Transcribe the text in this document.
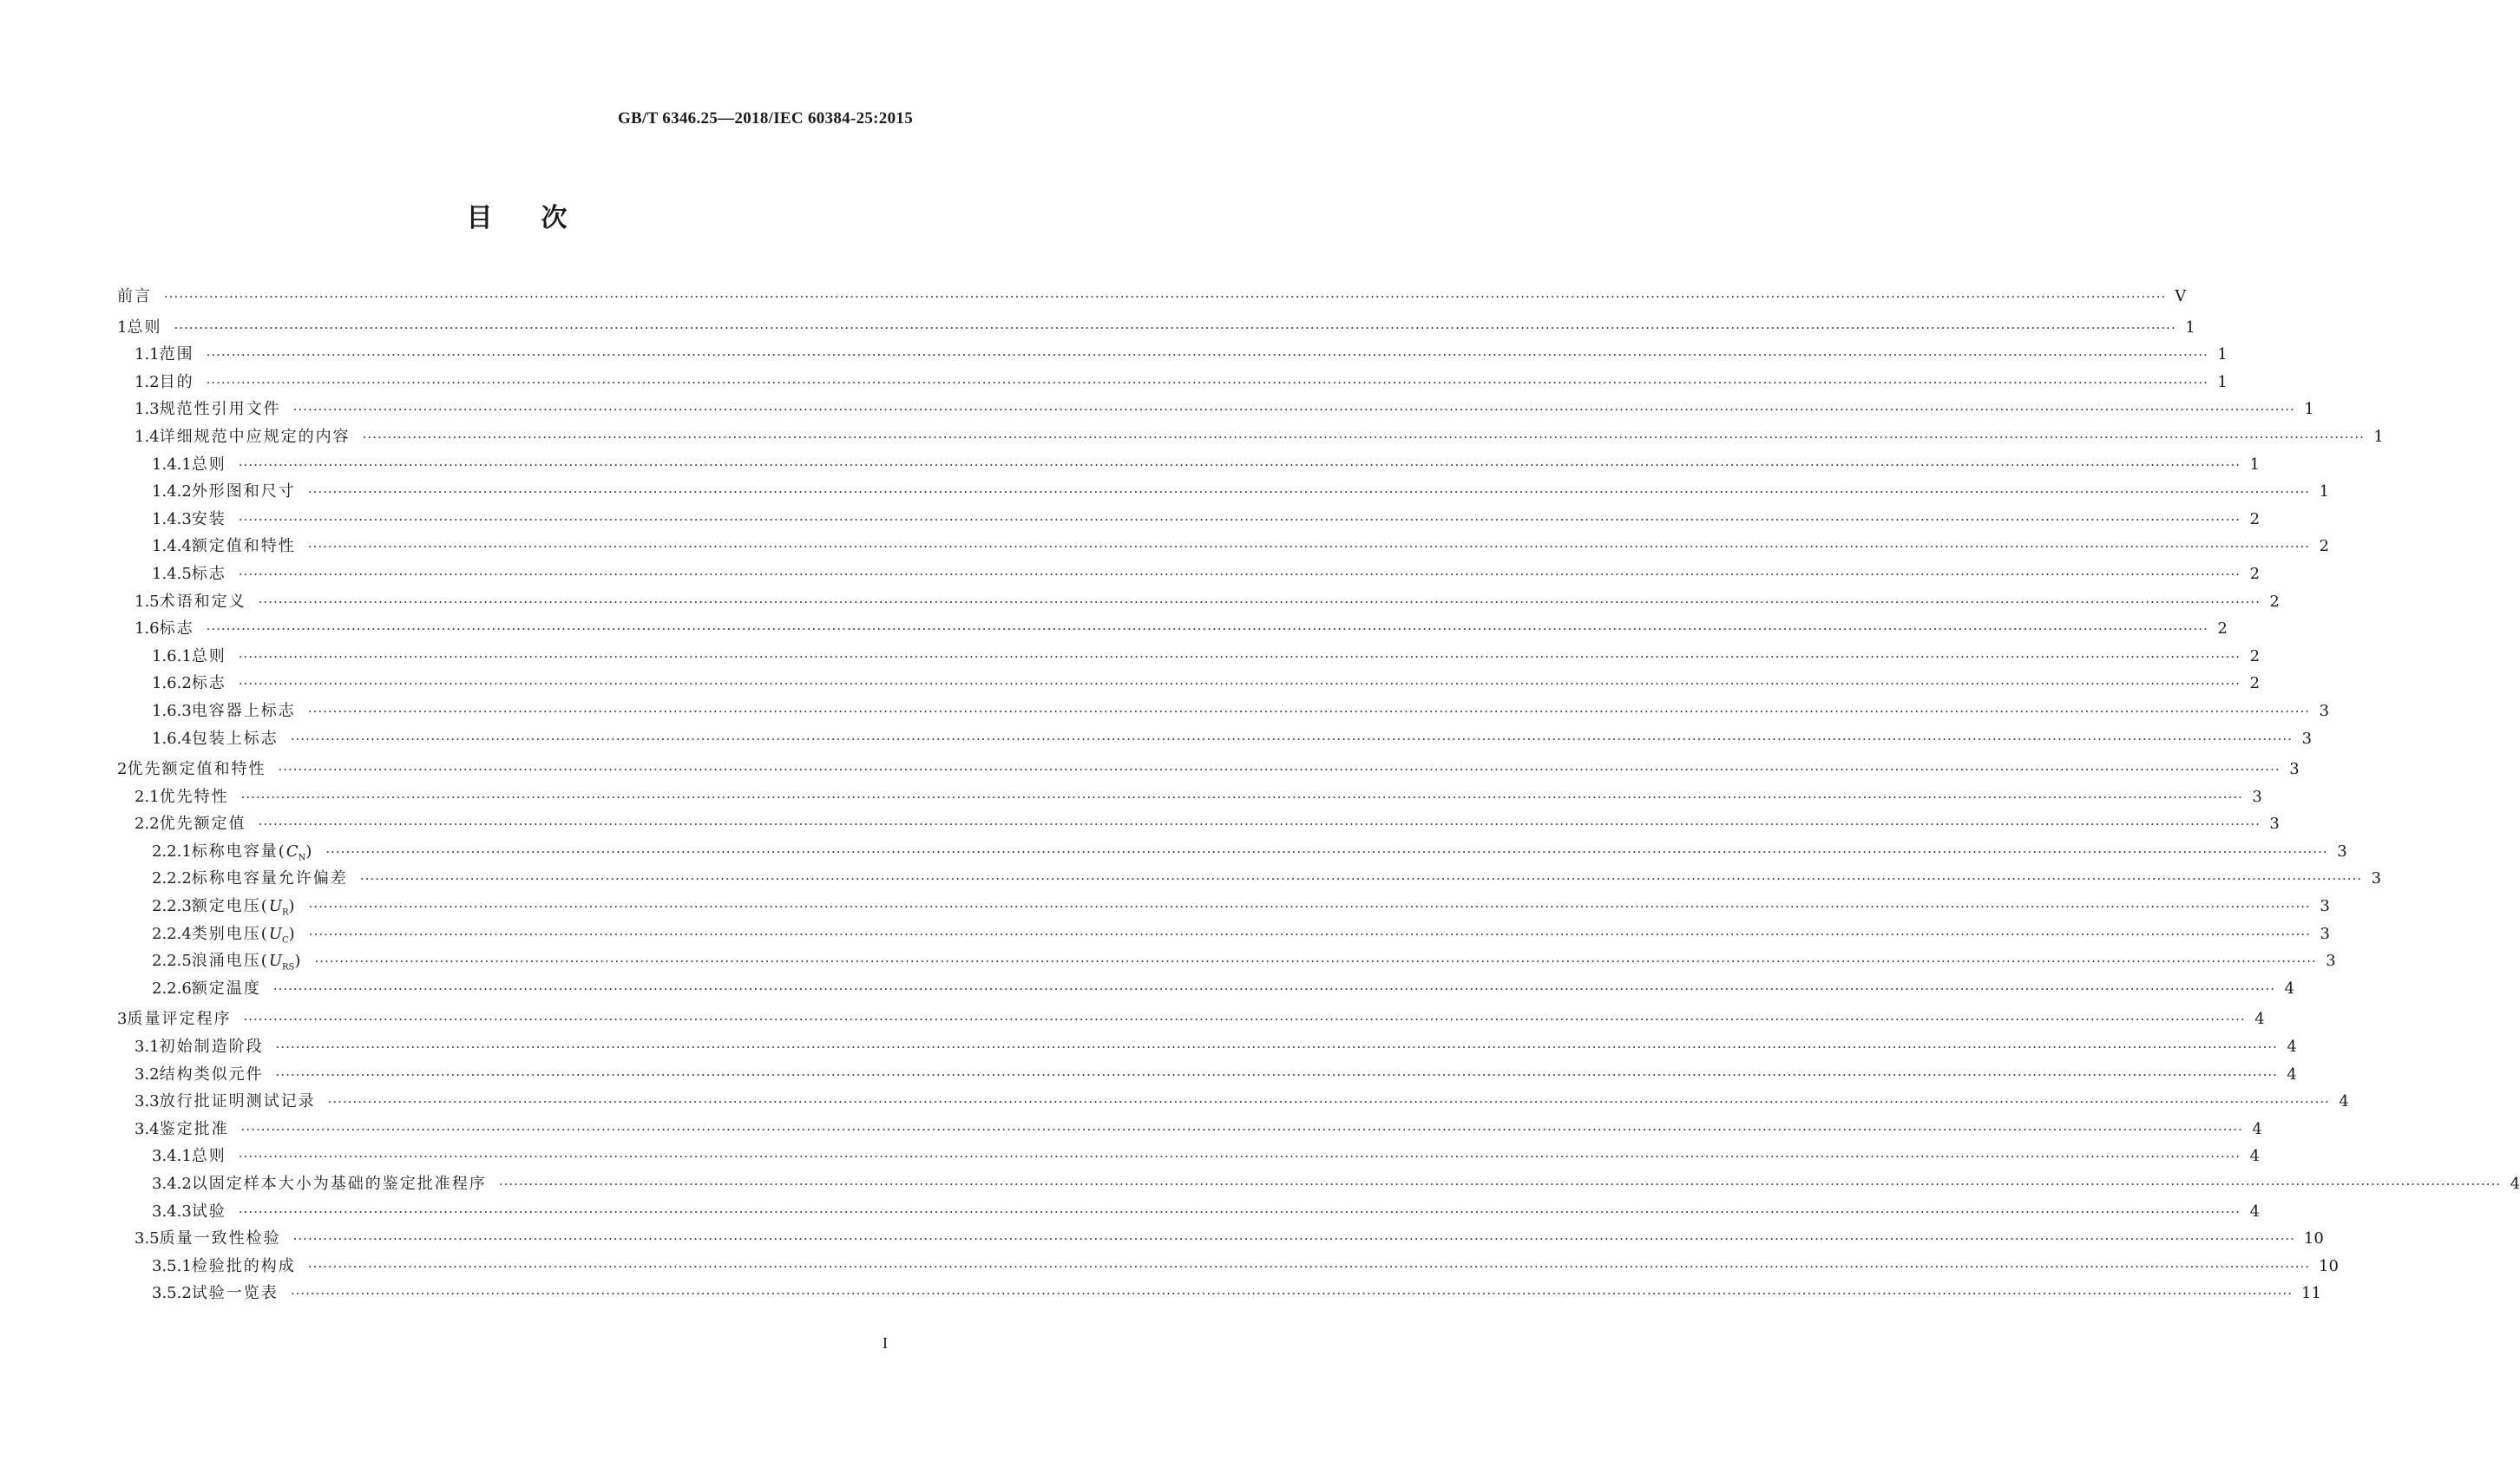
GB/T 6346.25—2018/IEC 60384-25:2015
目次
前言 ················································································································································································································································································································································································································ Ⅴ
1 总则 ················································································································································································································································································································································································································ 1
1.1 范围 ················································································································································································································································································································································································································ 1
1.2 目的 ················································································································································································································································································································································································································ 1
1.3 规范性引用文件 ················································································································································································································································································································································································································ 1
1.4 详细规范中应规定的内容 ················································································································································································································································································································································································································ 1
1.4.1 总则 ················································································································································································································································································································································································································ 1
1.4.2 外形图和尺寸 ················································································································································································································································································································································································································ 1
1.4.3 安装 ················································································································································································································································································································································································································ 2
1.4.4 额定值和特性 ················································································································································································································································································································································································································ 2
1.4.5 标志 ················································································································································································································································································································································································································ 2
1.5 术语和定义 ················································································································································································································································································································································································································ 2
1.6 标志 ················································································································································································································································································································································································································ 2
1.6.1 总则 ················································································································································································································································································································································································································ 2
1.6.2 标志 ················································································································································································································································································································································································································ 2
1.6.3 电容器上标志 ················································································································································································································································································································································································································ 3
1.6.4 包装上标志 ················································································································································································································································································································································································································ 3
2 优先额定值和特性 ················································································································································································································································································································································································································ 3
2.1 优先特性 ················································································································································································································································································································································································································ 3
2.2 优先额定值 ················································································································································································································································································································································································································ 3
2.2.1 标称电容量$(C_N)$ ················································································································································································································································································································································································································ 3
2.2.2 标称电容量允许偏差 ················································································································································································································································································································································································································ 3
2.2.3 额定电压$(U_R)$ ················································································································································································································································································································································································································ 3
2.2.4 类别电压$(U_C)$ ················································································································································································································································································································································································································ 3
2.2.5 浪涌电压$(U_{RS})$ ················································································································································································································································································································································································································ 3
2.2.6 额定温度 ················································································································································································································································································································································································································ 4
3 质量评定程序 ················································································································································································································································································································································································································ 4
3.1 初始制造阶段 ················································································································································································································································································································································································································ 4
3.2 结构类似元件 ················································································································································································································································································································································································································ 4
3.3 放行批证明测试记录 ················································································································································································································································································································································································································ 4
3.4 鉴定批准 ················································································································································································································································································································································································································ 4
3.4.1 总则 ················································································································································································································································································································································································································ 4
3.4.2 以固定样本大小为基础的鉴定批准程序 ················································································································································································································································································································································································································ 4
3.4.3 试验 ················································································································································································································································································································································································································ 4
3.5 质量一致性检验 ················································································································································································································································································································································································································ 10
3.5.1 检验批的构成 ················································································································································································································································································································································································································ 10
3.5.2 试验一览表 ················································································································································································································································································································································································································ 11
I
